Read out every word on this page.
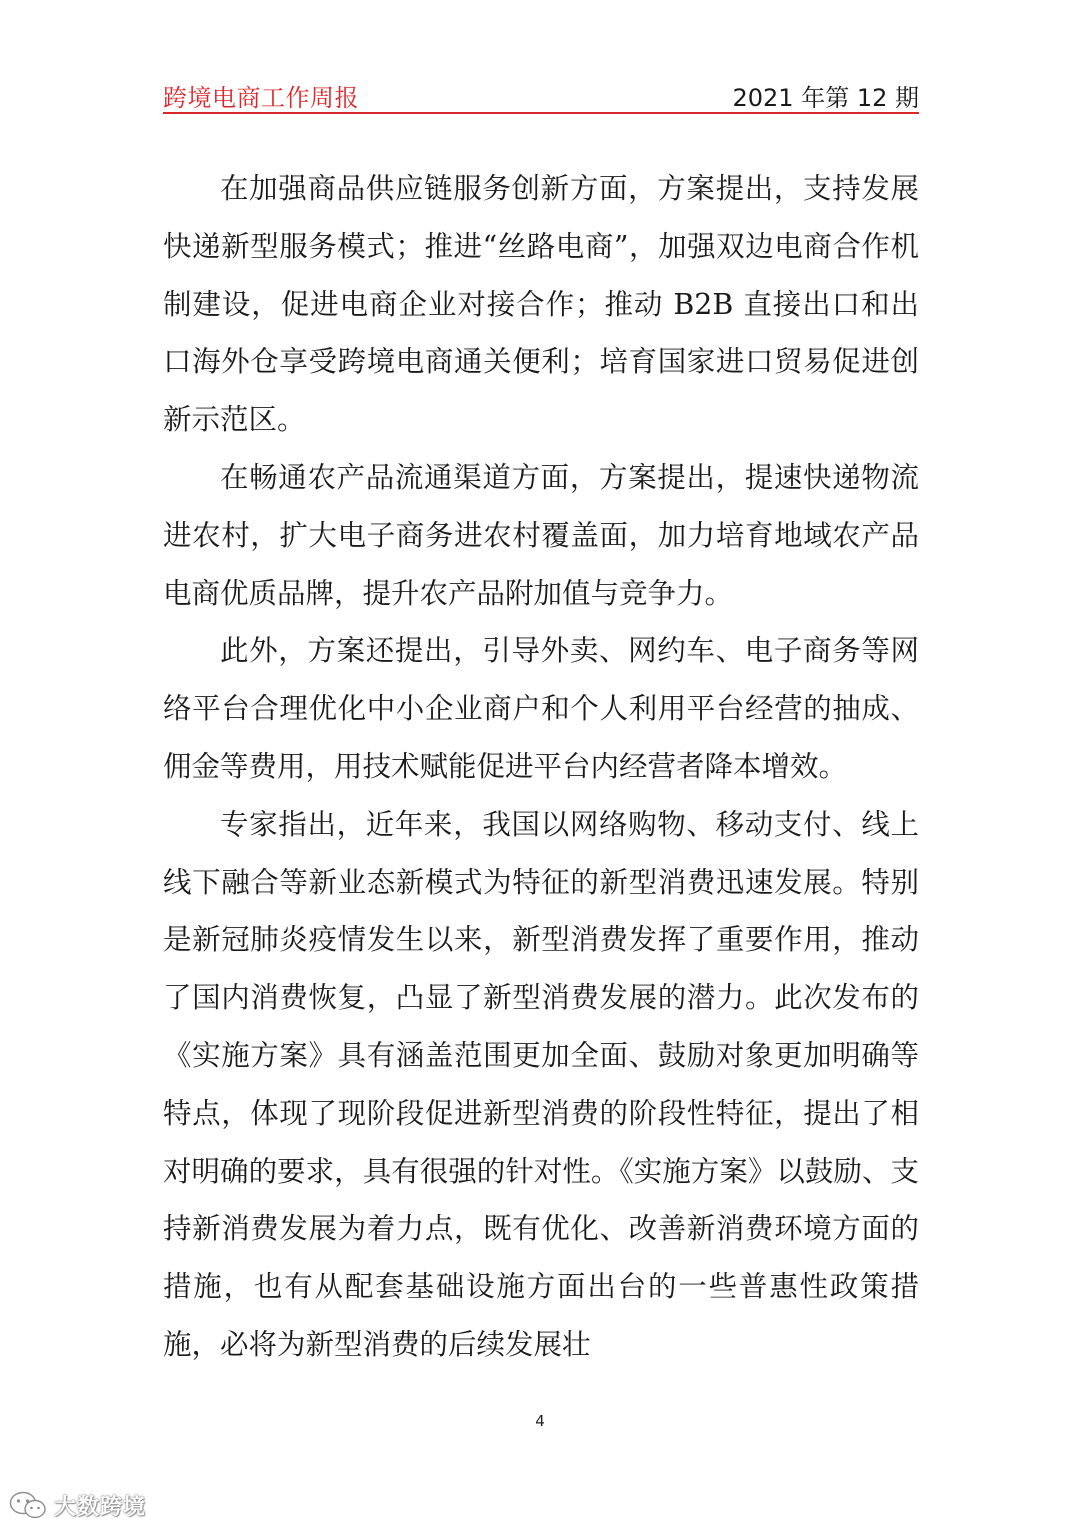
跨境电商工作周报	2021 年第 12 期

在加强商品供应链服务创新方面，方案提出，支持发展快递新型服务模式；推进“丝路电商”，加强双边电商合作机制建设，促进电商企业对接合作；推动 B2B 直接出口和出口海外仓享受跨境电商通关便利；培育国家进口贸易促进创新示范区。

在畅通农产品流通渠道方面，方案提出，提速快递物流进农村，扩大电子商务进农村覆盖面，加力培育地域农产品电商优质品牌，提升农产品附加值与竞争力。

此外，方案还提出，引导外卖、网约车、电子商务等网络平台合理优化中小企业商户和个人利用平台经营的抽成、佣金等费用，用技术赋能促进平台内经营者降本增效。

专家指出，近年来，我国以网络购物、移动支付、线上线下融合等新业态新模式为特征的新型消费迅速发展。特别是新冠肺炎疫情发生以来，新型消费发挥了重要作用，推动了国内消费恢复，凸显了新型消费发展的潜力。此次发布的《实施方案》具有涵盖范围更加全面、鼓励对象更加明确等特点，体现了现阶段促进新型消费的阶段性特征，提出了相对明确的要求，具有很强的针对性。《实施方案》以鼓励、支持新消费发展为着力点，既有优化、改善新消费环境方面的措施，也有从配套基础设施方面出台的一些普惠性政策措施，必将为新型消费的后续发展壮

4
大数跨境
